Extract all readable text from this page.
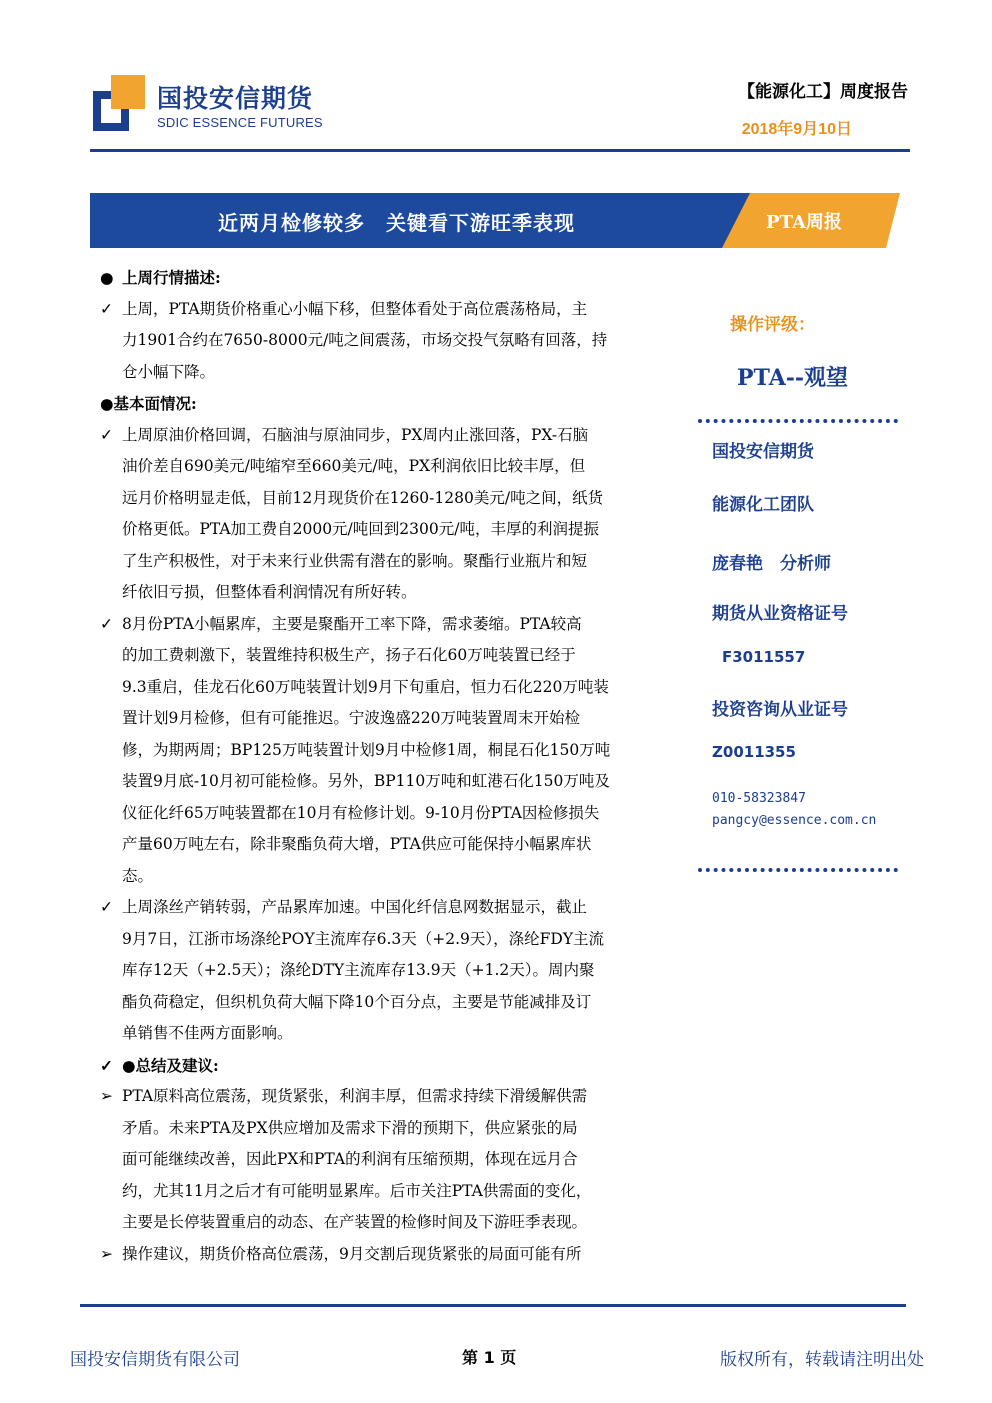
国投安信期货
SDIC ESSENCE FUTURES
【能源化工】周度报告
2018年9月10日
近两月检修较多　关键看下游旺季表现	PTA周报
● 上周行情描述:
✓ 上周，PTA期货价格重心小幅下移，但整体看处于高位震荡格局，主
力1901合约在7650-8000元/吨之间震荡，市场交投气氛略有回落，持
仓小幅下降。
●基本面情况:
✓ 上周原油价格回调，石脑油与原油同步，PX周内止涨回落，PX-石脑
油价差自690美元/吨缩窄至660美元/吨，PX利润依旧比较丰厚，但
远月价格明显走低，目前12月现货价在1260-1280美元/吨之间，纸货
价格更低。PTA加工费自2000元/吨回到2300元/吨，丰厚的利润提振
了生产积极性，对于未来行业供需有潜在的影响。聚酯行业瓶片和短
纤依旧亏损，但整体看利润情况有所好转。
✓ 8月份PTA小幅累库，主要是聚酯开工率下降，需求萎缩。PTA较高
的加工费刺激下，装置维持积极生产，扬子石化60万吨装置已经于
9.3重启，佳龙石化60万吨装置计划9月下旬重启，恒力石化220万吨装
置计划9月检修，但有可能推迟。宁波逸盛220万吨装置周末开始检
修，为期两周；BP125万吨装置计划9月中检修1周，桐昆石化150万吨
装置9月底-10月初可能检修。另外，BP110万吨和虹港石化150万吨及
仪征化纤65万吨装置都在10月有检修计划。9-10月份PTA因检修损失
产量60万吨左右，除非聚酯负荷大增，PTA供应可能保持小幅累库状
态。
✓ 上周涤丝产销转弱，产品累库加速。中国化纤信息网数据显示，截止
9月7日，江浙市场涤纶POY主流库存6.3天（+2.9天），涤纶FDY主流
库存12天（+2.5天）；涤纶DTY主流库存13.9天（+1.2天）。周内聚
酯负荷稳定，但织机负荷大幅下降10个百分点，主要是节能减排及订
单销售不佳两方面影响。
✓ ●总结及建议:
➢ PTA原料高位震荡，现货紧张，利润丰厚，但需求持续下滑缓解供需
矛盾。未来PTA及PX供应增加及需求下滑的预期下，供应紧张的局
面可能继续改善，因此PX和PTA的利润有压缩预期，体现在远月合
约，尤其11月之后才有可能明显累库。后市关注PTA供需面的变化，
主要是长停装置重启的动态、在产装置的检修时间及下游旺季表现。
➢ 操作建议，期货价格高位震荡，9月交割后现货紧张的局面可能有所
操作评级：
PTA--观望
国投安信期货
能源化工团队
庞春艳　分析师
期货从业资格证号
F3011557
投资咨询从业证号
Z0011355
010-58323847
pangcy@essence.com.cn
国投安信期货有限公司	第 1 页	版权所有，转载请注明出处
